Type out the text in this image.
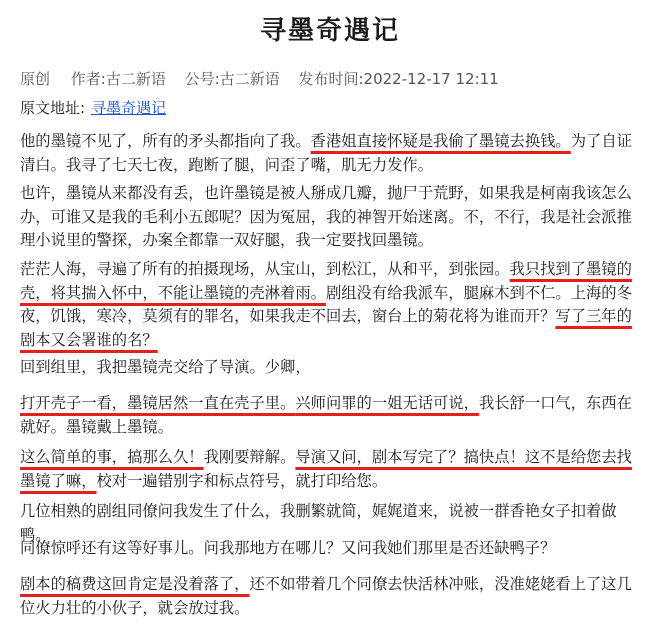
寻墨奇遇记
原创 作者:古二新语 公号:古二新语 发布时间:2022-12-17 12:11
原文地址: 寻墨奇遇记

他的墨镜不见了，所有的矛头都指向了我。香港姐直接怀疑是我偷了墨镜去换钱。为了自证清白。我寻了七天七夜，跑断了腿，问歪了嘴，肌无力发作。

也许，墨镜从来都没有丢，也许墨镜是被人掰成几瓣，抛尸于荒野，如果我是柯南我该怎么办，可谁又是我的毛利小五郎呢？因为冤屈，我的神智开始迷离。不，不行，我是社会派推理小说里的警探，办案全都靠一双好腿，我一定要找回墨镜。

茫茫人海，寻遍了所有的拍摄现场，从宝山，到松江，从和平，到张园。我只找到了墨镜的壳，将其揣入怀中，不能让墨镜的壳淋着雨。剧组没有给我派车，腿麻木到不仁。上海的冬夜，饥饿，寒冷，莫须有的罪名，如果我走不回去，窗台上的菊花将为谁而开？写了三年的剧本又会署谁的名？

回到组里，我把墨镜壳交给了导演。少卿，

打开壳子一看，墨镜居然一直在壳子里。兴师问罪的一姐无话可说，我长舒一口气，东西在就好。墨镜戴上墨镜。

这么简单的事，搞那么久！我刚要辩解。导演又问，剧本写完了？搞快点！这不是给您去找墨镜了嘛，校对一遍错别字和标点符号，就打印给您。

几位相熟的剧组同僚问我发生了什么，我删繁就简，娓娓道来，说被一群香艳女子扣着做鸭。

同僚惊呼还有这等好事儿。问我那地方在哪儿？又问我她们那里是否还缺鸭子？

剧本的稿费这回肯定是没着落了，还不如带着几个同僚去快活林冲账，没准姥姥看上了这几位火力壮的小伙子，就会放过我。
